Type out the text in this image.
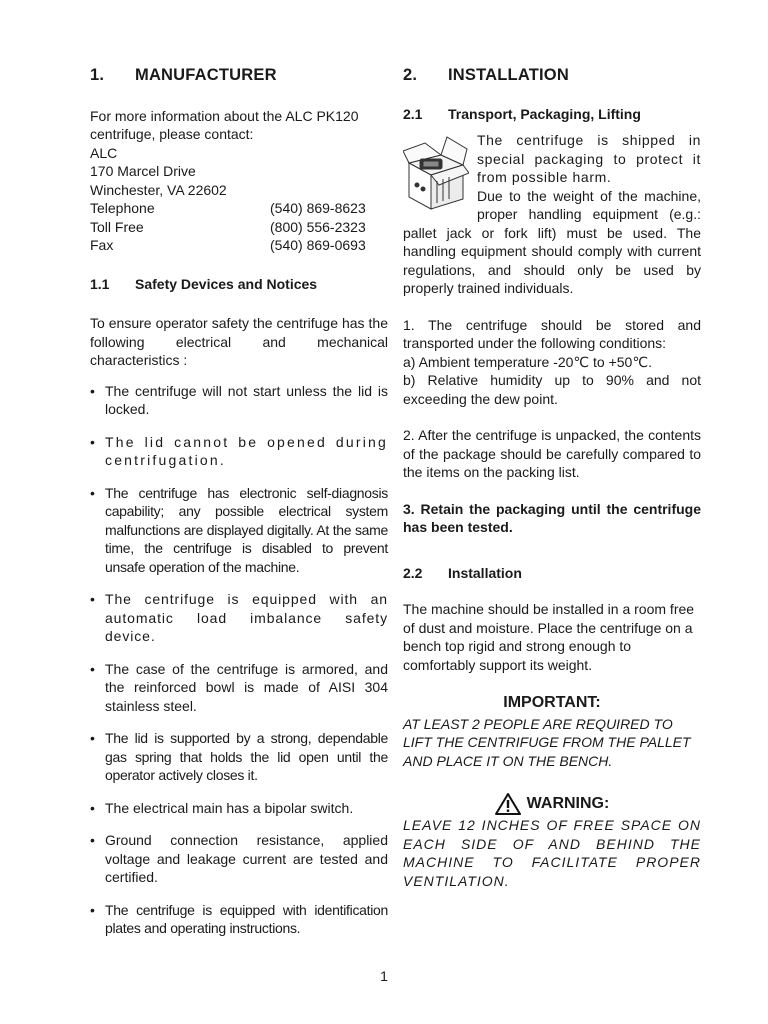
1. MANUFACTURER

For more information about the ALC PK120 centrifuge, please contact:

ALC
170 Marcel Drive
Winchester, VA 22602
Telephone	(540) 869-8623
Toll Free	(800) 556-2323
Fax	(540) 869-0693
1.1 Safety Devices and Notices

To ensure operator safety the centrifuge has the following electrical and mechanical characteristics :

• The centrifuge will not start unless the lid is locked.
• The lid cannot be opened during centrifugation.
• The centrifuge has electronic self-diagnosis capability; any possible electrical system malfunctions are displayed digitally. At the same time, the centrifuge is disabled to prevent unsafe operation of the machine.
• The centrifuge is equipped with an automatic load imbalance safety device.
• The case of the centrifuge is armored, and the reinforced bowl is made of AISI 304 stainless steel.
• The lid is supported by a strong, dependable gas spring that holds the lid open until the operator actively closes it.
• The electrical main has a bipolar switch.
• Ground connection resistance, applied voltage and leakage current are tested and certified.
• The centrifuge is equipped with identification plates and operating instructions.
2. INSTALLATION
2.1 Transport, Packaging, Lifting

The centrifuge is shipped in special packaging to protect it from possible harm.

Due to the weight of the machine, proper handling equipment (e.g.: pallet jack or fork lift) must be used. The handling equipment should comply with current regulations, and should only be used by properly trained individuals.

1. The centrifuge should be stored and transported under the following conditions:

a) Ambient temperature -20℃ to +50℃.

b) Relative humidity up to 90% and not exceeding the dew point.

2. After the centrifuge is unpacked, the contents of the package should be carefully compared to the items on the packing list.

3. Retain the packaging until the centrifuge has been tested.

2.2 Installation

The machine should be installed in a room free of dust and moisture. Place the centrifuge on a bench top rigid and strong enough to comfortably support its weight.

IMPORTANT:

AT LEAST 2 PEOPLE ARE REQUIRED TO LIFT THE CENTRIFUGE FROM THE PALLET AND PLACE IT ON THE BENCH.

WARNING:

LEAVE 12 INCHES OF FREE SPACE ON EACH SIDE OF AND BEHIND THE MACHINE TO FACILITATE PROPER VENTILATION.

1
